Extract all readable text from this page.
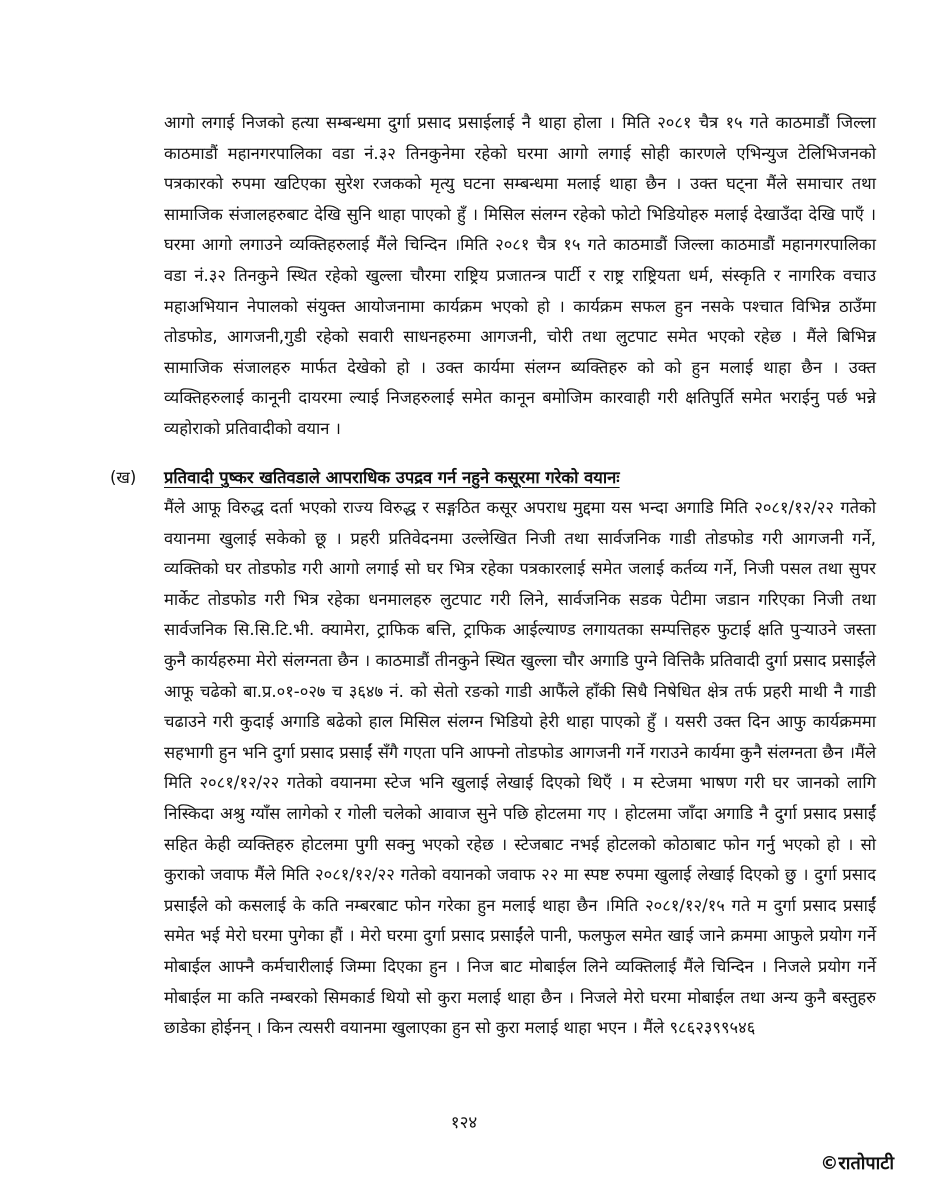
आगो लगाई निजको हत्या सम्बन्धमा दुर्गा प्रसाद प्रसाईलाई नै थाहा होला । मिति २०८१ चैत्र १५ गते काठमाडौं जिल्ला काठमाडौं महानगरपालिका वडा नं.३२ तिनकुनेमा रहेको घरमा आगो लगाई सोही कारणले एभिन्युज टेलिभिजनको पत्रकारको रुपमा खटिएका सुरेश रजकको मृत्यु घटना सम्बन्धमा मलाई थाहा छैन । उक्त घट्ना मैंले समाचार तथा सामाजिक संजालहरुबाट देखि सुनि थाहा पाएको हुँ । मिसिल संलग्न रहेको फोटो भिडियोहरु मलाई देखाउँदा देखि पाएँ । घरमा आगो लगाउने व्यक्तिहरुलाई मैंले चिन्दिन ।मिति २०८१ चैत्र १५ गते काठमाडौं जिल्ला काठमाडौं महानगरपालिका वडा नं.३२ तिनकुने स्थित रहेको खुल्ला चौरमा राष्ट्रिय प्रजातन्त्र पार्टी र राष्ट्र राष्ट्रियता धर्म, संस्कृति र नागरिक वचाउ महाअभियान नेपालको संयुक्त आयोजनामा कार्यक्रम भएको हो । कार्यक्रम सफल हुन नसके पश्चात विभिन्न ठाउँमा तोडफोड, आगजनी,गुडी रहेको सवारी साधनहरुमा आगजनी, चोरी तथा लुटपाट समेत भएको रहेछ । मैंले बिभिन्न सामाजिक संजालहरु मार्फत देखेको हो । उक्त कार्यमा संलग्न ब्यक्तिहरु को को हुन मलाई थाहा छैन । उक्त व्यक्तिहरुलाई कानूनी दायरमा ल्याई निजहरुलाई समेत कानून बमोजिम कारवाही गरी क्षतिपुर्ति समेत भराईनु पर्छ भन्ने व्यहोराको प्रतिवादीको वयान ।

(ख) प्रतिवादी पुष्कर खतिवडाले आपराधिक उपद्रव गर्न नहुने कसूरमा गरेको वयानः

मैंले आफू विरुद्ध दर्ता भएको राज्य विरुद्ध र सङ्गठित कसूर अपराध मुद्दमा यस भन्दा अगाडि मिति २०८१/१२/२२ गतेको वयानमा खुलाई सकेको छू । प्रहरी प्रतिवेदनमा उल्लेखित निजी तथा सार्वजनिक गाडी तोडफोड गरी आगजनी गर्ने, व्यक्तिको घर तोडफोड गरी आगो लगाई सो घर भित्र रहेका पत्रकारलाई समेत जलाई कर्तव्य गर्ने, निजी पसल तथा सुपर मार्केट तोडफोड गरी भित्र रहेका धनमालहरु लुटपाट गरी लिने, सार्वजनिक सडक पेटीमा जडान गरिएका निजी तथा सार्वजनिक सि.सि.टि.भी. क्यामेरा, ट्राफिक बत्ति, ट्राफिक आईल्याण्ड लगायतका सम्पत्तिहरु फुटाई क्षति पुर्‍याउने जस्ता कुनै कार्यहरुमा मेरो संलग्नता छैन । काठमाडौं तीनकुने स्थित खुल्ला चौर अगाडि पुग्ने वित्तिकै प्रतिवादी दुर्गा प्रसाद प्रसाईंले आफू चढेको बा.प्र.०१-०२७ च ३६४७ नं. को सेतो रङको गाडी आफैंले हाँकी सिधै निषेधित क्षेत्र तर्फ प्रहरी माथी नै गाडी चढाउने गरी कुदाई अगाडि बढेको हाल मिसिल संलग्न भिडियो हेरी थाहा पाएको हुँ । यसरी उक्त दिन आफु कार्यक्रममा सहभागी हुन भनि दुर्गा प्रसाद प्रसाईं सँगै गएता पनि आफ्नो तोडफोड आगजनी गर्ने गराउने कार्यमा कुनै संलग्नता छैन ।मैंले मिति २०८१/१२/२२ गतेको वयानमा स्टेज भनि खुलाई लेखाई दिएको थिएँ । म स्टेजमा भाषण गरी घर जानको लागि निस्किदा अश्रु ग्याँस लागेको र गोली चलेको आवाज सुने पछि होटलमा गए । होटलमा जाँदा अगाडि नै दुर्गा प्रसाद प्रसाईं सहित केही व्यक्तिहरु होटलमा पुगी सक्नु भएको रहेछ । स्टेजबाट नभई होटलको कोठाबाट फोन गर्नु भएको हो । सो कुराको जवाफ मैंले मिति २०८१/१२/२२ गतेको वयानको जवाफ २२ मा स्पष्ट रुपमा खुलाई लेखाई दिएको छु । दुर्गा प्रसाद प्रसाईंले को कसलाई के कति नम्बरबाट फोन गरेका हुन मलाई थाहा छैन ।मिति २०८१/१२/१५ गते म दुर्गा प्रसाद प्रसाईं समेत भई मेरो घरमा पुगेका हौं । मेरो घरमा दुर्गा प्रसाद प्रसाईंले पानी, फलफुल समेत खाई जाने क्रममा आफुले प्रयोग गर्ने मोबाईल आफ्नै कर्मचारीलाई जिम्मा दिएका हुन । निज बाट मोबाईल लिने व्यक्तिलाई मैंले चिन्दिन । निजले प्रयोग गर्ने मोबाईल मा कति नम्बरको सिमकार्ड थियो सो कुरा मलाई थाहा छैन । निजले मेरो घरमा मोबाईल तथा अन्य कुनै बस्तुहरु छाडेका होईनन् । किन त्यसरी वयानमा खुलाएका हुन सो कुरा मलाई थाहा भएन । मैंले ९८६२३९९५४६

१२४

©रातोपाटी
